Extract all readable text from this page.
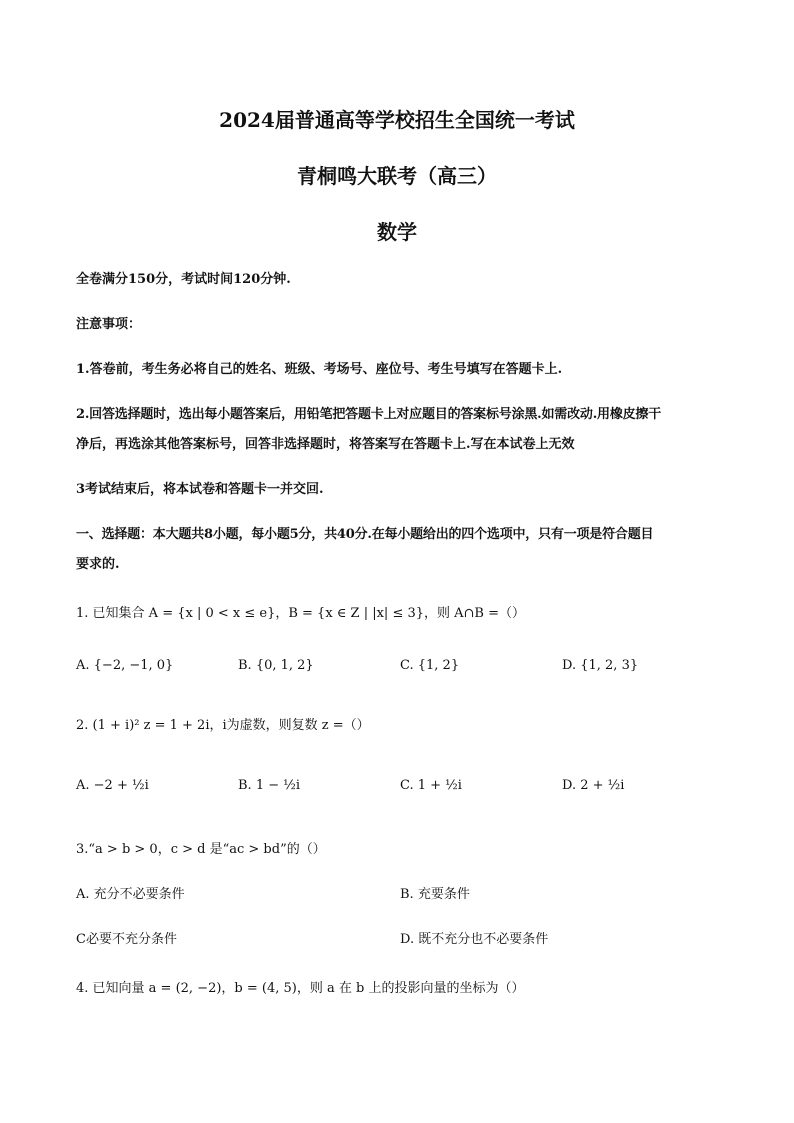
2024届普通高等学校招生全国统一考试
青桐鸣大联考（高三）
数学
全卷满分150分，考试时间120分钟.
注意事项：
1.答卷前，考生务必将自己的姓名、班级、考场号、座位号、考生号填写在答题卡上.
2.回答选择题时，选出每小题答案后，用铅笔把答题卡上对应题目的答案标号涂黑.如需改动.用橡皮擦干
净后，再选涂其他答案标号，回答非选择题时，将答案写在答题卡上.写在本试卷上无效
3考试结束后，将本试卷和答题卡一并交回.
一、选择题：本大题共8小题，每小题5分，共40分.在每小题给出的四个选项中，只有一项是符合题目
要求的.
1. 已知集合 A = {x | 0 < x ≤ e}，B = {x ∈ Z | |x| ≤ 3}，则 A∩B =（）
A. {−2, −1, 0}	B. {0, 1, 2}	C. {1, 2}	D. {1, 2, 3}
2. (1 + i)² z = 1 + 2i，i为虚数，则复数 z =（）
A. −2 + ½i	B. 1 − ½i	C. 1 + ½i	D. 2 + ½i
3.“a > b > 0，c > d 是“ac > bd”的（）
A. 充分不必要条件	B. 充要条件
C必要不充分条件	D. 既不充分也不必要条件
4. 已知向量 a = (2, −2)，b = (4, 5)，则 a 在 b 上的投影向量的坐标为（）
